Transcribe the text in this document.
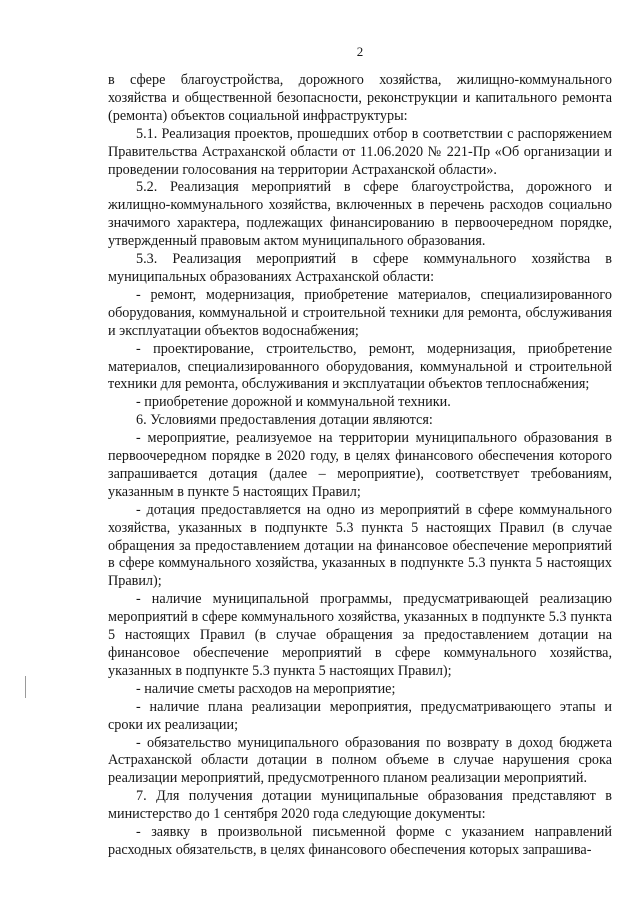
2

в сфере благоустройства, дорожного хозяйства, жилищно-коммунального хозяйства и общественной безопасности, реконструкции и капитального ремонта (ремонта) объектов социальной инфраструктуры:

5.1. Реализация проектов, прошедших отбор в соответствии с распоряжением Правительства Астраханской области от 11.06.2020 № 221-Пр «Об организации и проведении голосования на территории Астраханской области».

5.2. Реализация мероприятий в сфере благоустройства, дорожного и жилищно-коммунального хозяйства, включенных в перечень расходов социально значимого характера, подлежащих финансированию в первоочередном порядке, утвержденный правовым актом муниципального образования.

5.3. Реализация мероприятий в сфере коммунального хозяйства в муниципальных образованиях Астраханской области:

- ремонт, модернизация, приобретение материалов, специализированного оборудования, коммунальной и строительной техники для ремонта, обслуживания и эксплуатации объектов водоснабжения;

- проектирование, строительство, ремонт, модернизация, приобретение материалов, специализированного оборудования, коммунальной и строительной техники для ремонта, обслуживания и эксплуатации объектов теплоснабжения;

- приобретение дорожной и коммунальной техники.

6. Условиями предоставления дотации являются:

- мероприятие, реализуемое на территории муниципального образования в первоочередном порядке в 2020 году, в целях финансового обеспечения которого запрашивается дотация (далее – мероприятие), соответствует требованиям, указанным в пункте 5 настоящих Правил;

- дотация предоставляется на одно из мероприятий в сфере коммунального хозяйства, указанных в подпункте 5.3 пункта 5 настоящих Правил (в случае обращения за предоставлением дотации на финансовое обеспечение мероприятий в сфере коммунального хозяйства, указанных в подпункте 5.3 пункта 5 настоящих Правил);

- наличие муниципальной программы, предусматривающей реализацию мероприятий в сфере коммунального хозяйства, указанных в подпункте 5.3 пункта 5 настоящих Правил (в случае обращения за предоставлением дотации на финансовое обеспечение мероприятий в сфере коммунального хозяйства, указанных в подпункте 5.3 пункта 5 настоящих Правил);

- наличие сметы расходов на мероприятие;

- наличие плана реализации мероприятия, предусматривающего этапы и сроки их реализации;

- обязательство муниципального образования по возврату в доход бюджета Астраханской области дотации в полном объеме в случае нарушения срока реализации мероприятий, предусмотренного планом реализации мероприятий.

7. Для получения дотации муниципальные образования представляют в министерство до 1 сентября 2020 года следующие документы:

- заявку в произвольной письменной форме с указанием направлений расходных обязательств, в целях финансового обеспечения которых запрашива-
